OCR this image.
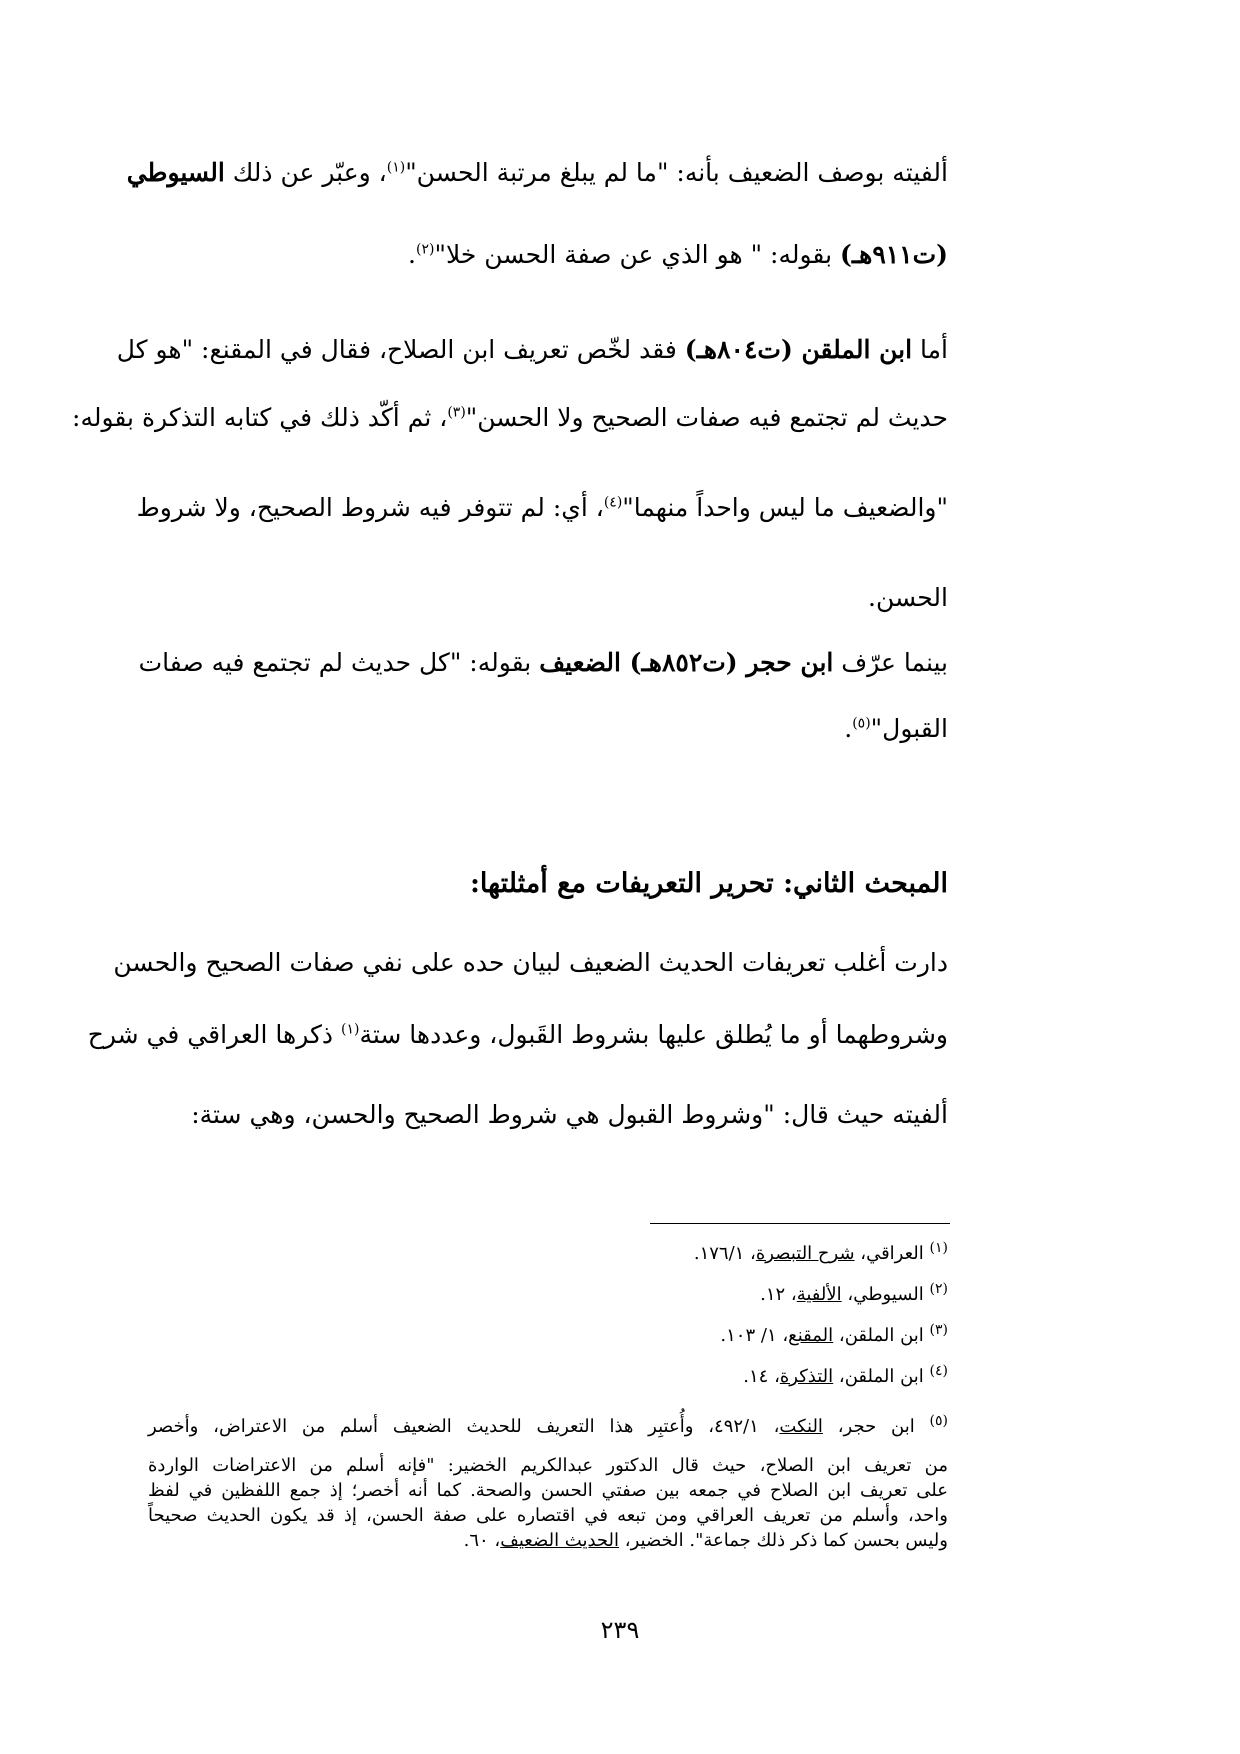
ألفيته بوصف الضعيف بأنه: "ما لم يبلغ مرتبة الحسن"$^{(١)}$، وعبّر عن ذلك السيوطي
(ت٩١١هـ) بقوله: " هو الذي عن صفة الحسن خلا"$^{(٢)}$.
أما ابن الملقن (ت٨٠٤هـ) فقد لخّص تعريف ابن الصلاح، فقال في المقنع: "هو كل
حديث لم تجتمع فيه صفات الصحيح ولا الحسن"$^{(٣)}$، ثم أكّد ذلك في كتابه التذكرة بقوله:
"والضعيف ما ليس واحداً منهما"$^{(٤)}$، أي: لم تتوفر فيه شروط الصحيح، ولا شروط
الحسن.
بينما عرّف ابن حجر (ت٨٥٢هـ) الضعيف بقوله: "كل حديث لم تجتمع فيه صفات
القبول"$^{(٥)}$.
المبحث الثاني: تحرير التعريفات مع أمثلتها:
دارت أغلب تعريفات الحديث الضعيف لبيان حده على نفي صفات الصحيح والحسن
وشروطهما أو ما يُطلق عليها بشروط القَبول، وعددها ستة$^{(١)}$ ذكرها العراقي في شرح
ألفيته حيث قال: "وشروط القبول هي شروط الصحيح والحسن، وهي ستة:
$^{(١)}$ العراقي، شرح التبصرة، ١٧٦/١.
$^{(٢)}$ السيوطي، الألفية، ١٢.
$^{(٣)}$ ابن الملقن، المقنع، ١/ ١٠٣.
$^{(٤)}$ ابن الملقن، التذكرة، ١٤.
$^{(٥)}$ ابن حجر، النكت، ٤٩٢/١، وأُعتبِر هذا التعريف للحديث الضعيف أسلم من الاعتراض، وأخصر
من تعريف ابن الصلاح، حيث قال الدكتور عبدالكريم الخضير: "فإنه أسلم من الاعتراضات الواردة
على تعريف ابن الصلاح في جمعه بين صفتي الحسن والصحة. كما أنه أخصر؛ إذ جمع اللفظين في لفظ
واحد، وأسلم من تعريف العراقي ومن تبعه في اقتصاره على صفة الحسن، إذ قد يكون الحديث صحيحاً
وليس بحسن كما ذكر ذلك جماعة". الخضير، الحديث الضعيف، ٦٠.
٢٣٩
